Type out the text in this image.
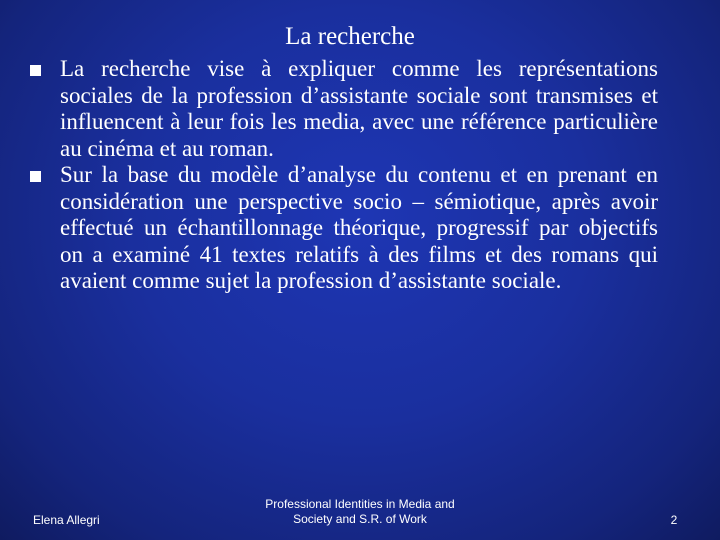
La recherche
La recherche vise à expliquer comme les représentations sociales de la profession d’assistante sociale sont transmises et influencent à leur fois les media, avec une référence particulière au cinéma et au roman.
Sur la base du modèle d’analyse du contenu et en prenant en considération une perspective socio – sémiotique, après avoir effectué un échantillonnage théorique, progressif par objectifs on a examiné 41 textes relatifs à des films et des romans qui avaient comme sujet la profession d’assistante sociale.
Elena Allegri
Professional Identities in Media and
Society and S.R. of Work	2
